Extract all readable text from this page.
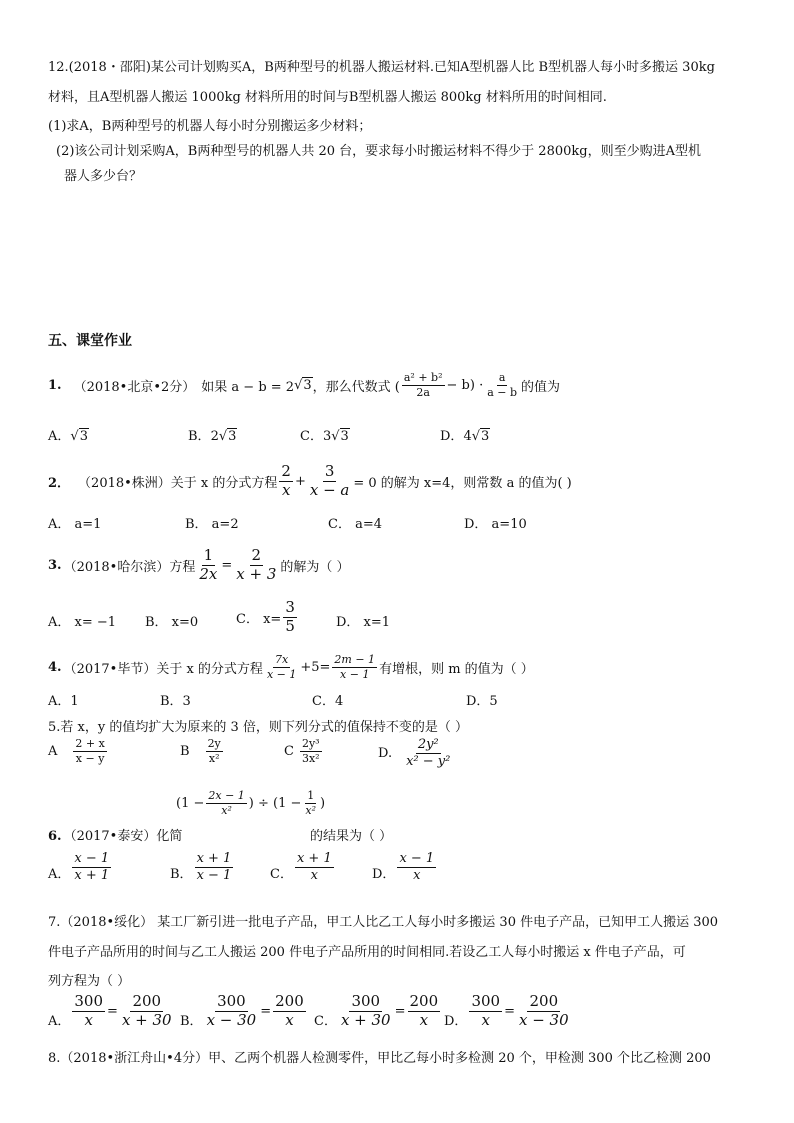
12.(2018・邵阳)某公司计划购买A，B两种型号的机器人搬运材料.已知A型机器人比 B型机器人每小时多搬运 30kg
材料，且A型机器人搬运 1000kg 材料所用的时间与B型机器人搬运 800kg 材料所用的时间相同.
(1)求A，B两种型号的机器人每小时分别搬运多少材料；
(2)该公司计划采购A，B两种型号的机器人共 20 台，要求每小时搬运材料不得少于 2800kg，则至少购进A型机
器人多少台？
五、课堂作业
1. （2018•北京•2分） 如果 a − b = 2 √3 ，那么代数式 ( $\frac{\text{a² + b²}}{2a} - b) \cdot \frac{a}{a - b}$ 的值为
A．√3	B．2√3	C．3√3	D．4√3
2． （2018•株洲）关于 x 的分式方程 $\frac{2}{x} + \frac{3}{x - a} = 0$ 的解为 x=4，则常数 a 的值为( )
A． a=1	B． a=2	C． a=4	D． a=10
3. （2018•哈尔滨）方程 $\frac{1}{2x} = \frac{2}{x + 3}$ 的解为（ ）
A． x= −1 B． x=0	C． $x= \frac{3}{5}$	D． x=1
4. （2017•毕节）关于 x 的分式方程 $\frac{7x}{x - 1} +5= \frac{2m - 1}{x - 1}$ 有增根，则 m 的值为（ ）
A．1	B．3	C．4	D．5
5.若 x，y 的值均扩大为原来的 3 倍，则下列分式的值保持不变的是（ ）
A $\frac{2 + x}{x - y}$	B $\frac{2y}{\text{x²}}$	C $\frac{\text{2y³}}{\text{3x²}}$	D. $\frac{\text{2y²}}{\text{x² − y²}}$
6. （2017•泰安）化简
($1 - \frac{2x - 1}{\text{x²}}$ ) ÷ ($1 - \frac{1}{\text{x²}}$ )
的结果为（ ）
A． $\frac{x - 1}{x + 1}$	B． $\frac{x + 1}{x - 1}$	C． $\frac{x + 1}{x}$	D． $\frac{x - 1}{x}$
7.（2018•绥化） 某工厂新引进一批电子产品，甲工人比乙工人每小时多搬运 30 件电子产品，已知甲工人搬运 300
件电子产品所用的时间与乙工人搬运 200 件电子产品所用的时间相同.若设乙工人每小时搬运 x 件电子产品，可
列方程为（ ）
A． $\frac{300}{x} = \frac{200}{x + 30}$ B． $\frac{300}{x - 30} = \frac{200}{x}$ C． $\frac{300}{x + 30} = \frac{200}{x}$ D． $\frac{300}{x} = \frac{200}{x - 30}$
8.（2018•浙江舟山•4分）甲、乙两个机器人检测零件，甲比乙每小时多检测 20 个，甲检测 300 个比乙检测 200
